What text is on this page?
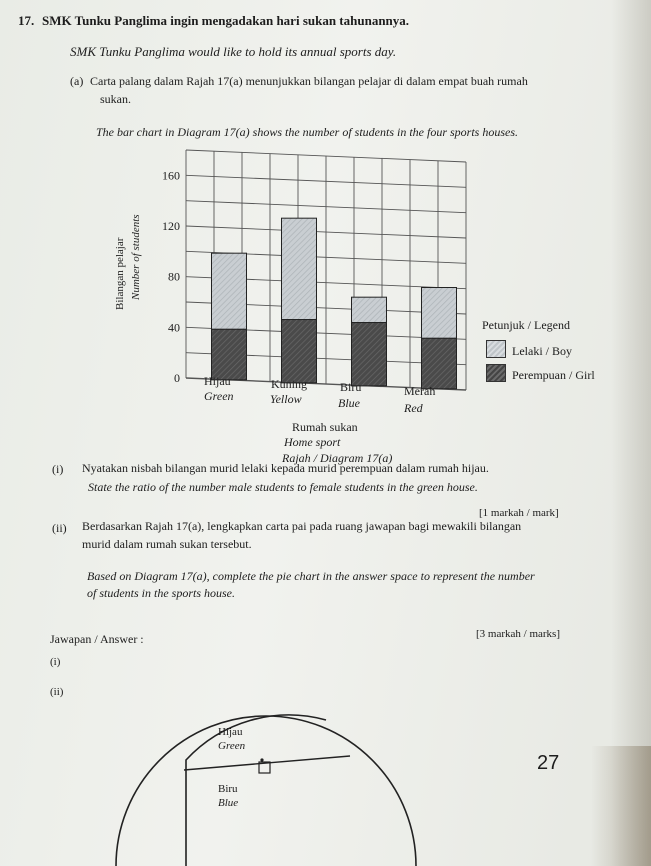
17. SMK Tunku Panglima ingin mengadakan hari sukan tahunannya.
SMK Tunku Panglima would like to hold its annual sports day.
(a) Carta palang dalam Rajah 17(a) menunjukkan bilangan pelajar di dalam empat buah rumah
sukan.
The bar chart in Diagram 17(a) shows the number of students in the four sports houses.
0
40
80
120
160
Bilangan pelajar Number of students
Hijau
Green
Kuning
Yellow
Biru
Blue
Merah
Red
Petunjuk / Legend
Lelaki / Boy
Perempuan / Girl
Rumah sukan
Home sport
Rajah / Diagram 17(a)
(i) Nyatakan nisbah bilangan murid lelaki kepada murid perempuan dalam rumah hijau.
State the ratio of the number male students to female students in the green house.
[1 markah / mark]
(ii) Berdasarkan Rajah 17(a), lengkapkan carta pai pada ruang jawapan bagi mewakili bilangan
murid dalam rumah sukan tersebut.
Based on Diagram 17(a), complete the pie chart in the answer space to represent the number
of students in the sports house.
[3 markah / marks]
Jawapan / Answer :
(i)
(ii)
Hijau
Green
Biru
Blue
27
